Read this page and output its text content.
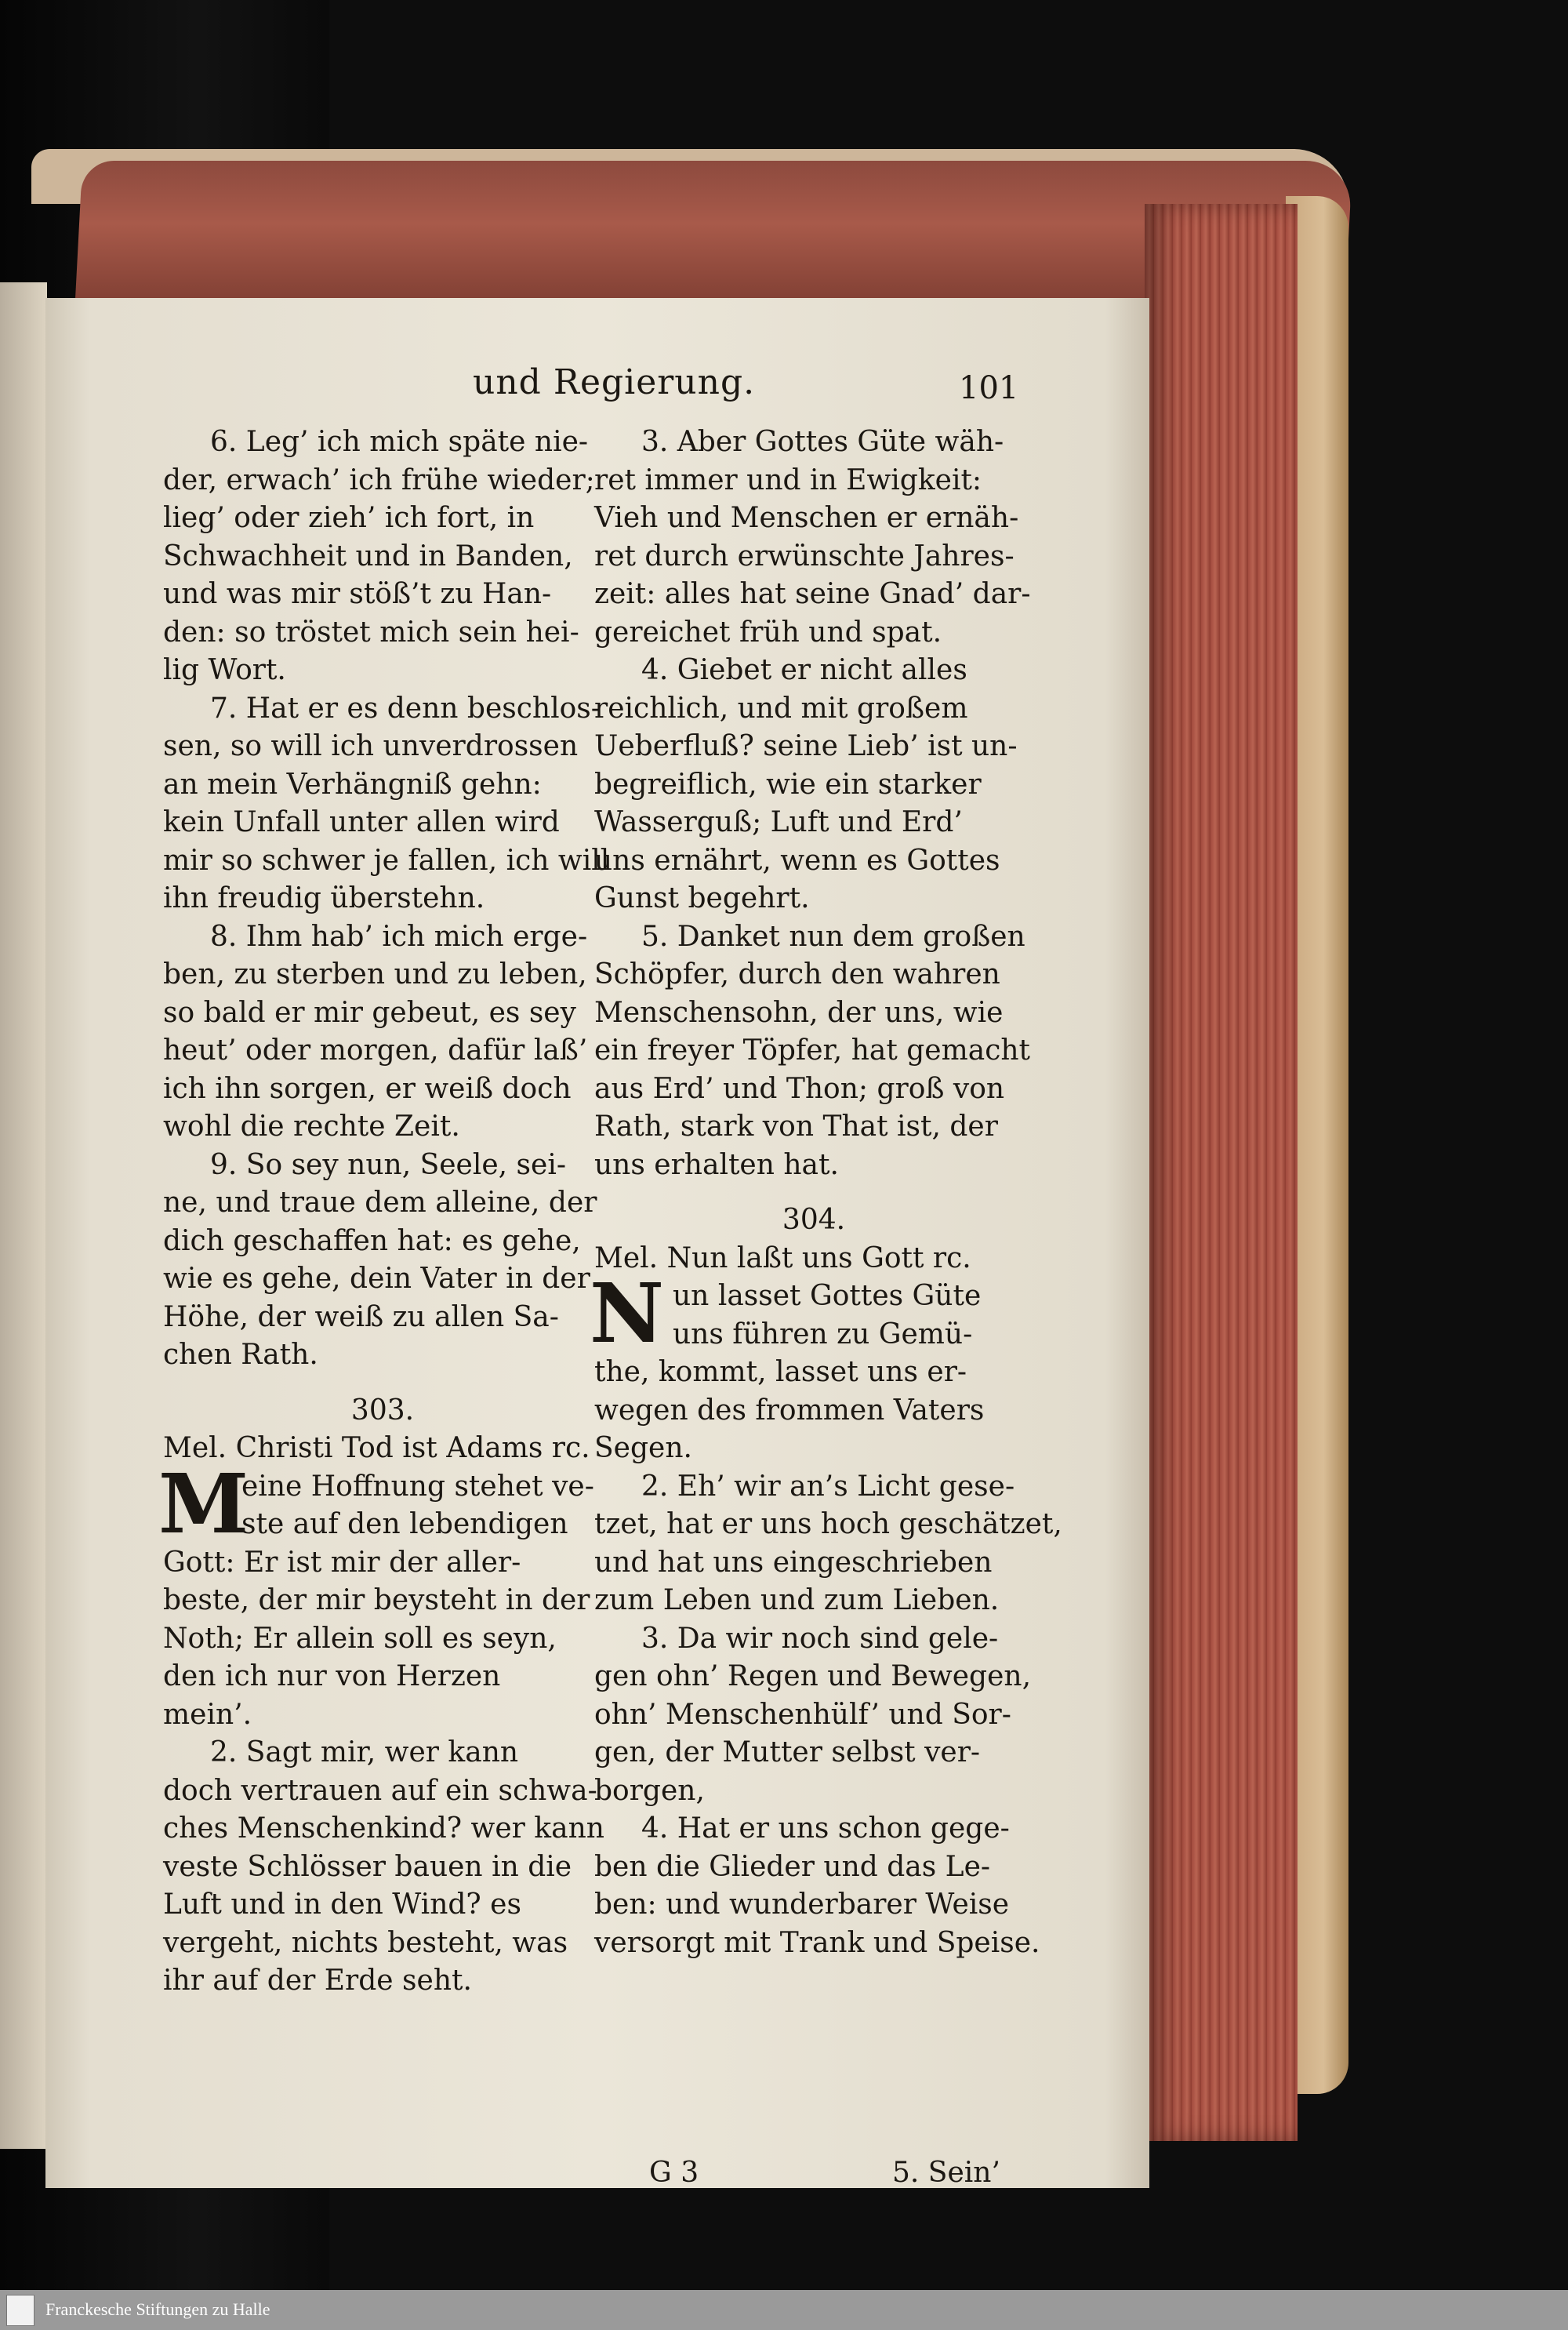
und Regierung.	101
6. Leg’ ich mich späte nie-
der, erwach’ ich frühe wieder;
lieg’ oder zieh’ ich fort, in
Schwachheit und in Banden,
und was mir stöß’t zu Han-
den: so tröstet mich sein hei-
lig Wort.
7. Hat er es denn beschlos-
sen, so will ich unverdrossen
an mein Verhängniß gehn:
kein Unfall unter allen wird
mir so schwer je fallen, ich will
ihn freudig überstehn.
8. Ihm hab’ ich mich erge-
ben, zu sterben und zu leben,
so bald er mir gebeut, es sey
heut’ oder morgen, dafür laß’
ich ihn sorgen, er weiß doch
wohl die rechte Zeit.
9. So sey nun, Seele, sei-
ne, und traue dem alleine, der
dich geschaffen hat: es gehe,
wie es gehe, dein Vater in der
Höhe, der weiß zu allen Sa-
chen Rath.
303.
Mel. Christi Tod ist Adams rc.
M
eine Hoffnung stehet ve-
ste auf den lebendigen
Gott: Er ist mir der aller-
beste, der mir beysteht in der
Noth; Er allein soll es seyn,
den ich nur von Herzen
mein’.
2. Sagt mir, wer kann
doch vertrauen auf ein schwa-
ches Menschenkind? wer kann
veste Schlösser bauen in die
Luft und in den Wind? es
vergeht, nichts besteht, was
ihr auf der Erde seht.
3. Aber Gottes Güte wäh-
ret immer und in Ewigkeit:
Vieh und Menschen er ernäh-
ret durch erwünschte Jahres-
zeit: alles hat seine Gnad’ dar-
gereichet früh und spat.
4. Giebet er nicht alles
reichlich, und mit großem
Ueberfluß? seine Lieb’ ist un-
begreiflich, wie ein starker
Wasserguß; Luft und Erd’
uns ernährt, wenn es Gottes
Gunst begehrt.
5. Danket nun dem großen
Schöpfer, durch den wahren
Menschensohn, der uns, wie
ein freyer Töpfer, hat gemacht
aus Erd’ und Thon; groß von
Rath, stark von That ist, der
uns erhalten hat.
304.
Mel. Nun laßt uns Gott rc.
N un lasset Gottes Güte
uns führen zu Gemü-
the, kommt, lasset uns er-
wegen des frommen Vaters
Segen.
2. Eh’ wir an’s Licht gese-
tzet, hat er uns hoch geschätzet,
und hat uns eingeschrieben
zum Leben und zum Lieben.
3. Da wir noch sind gele-
gen ohn’ Regen und Bewegen,
ohn’ Menschenhülf’ und Sor-
gen, der Mutter selbst ver-
borgen,
4. Hat er uns schon gege-
ben die Glieder und das Le-
ben: und wunderbarer Weise
versorgt mit Trank und Speise.
G 3	5. Sein’
Franckesche Stiftungen zu Halle
